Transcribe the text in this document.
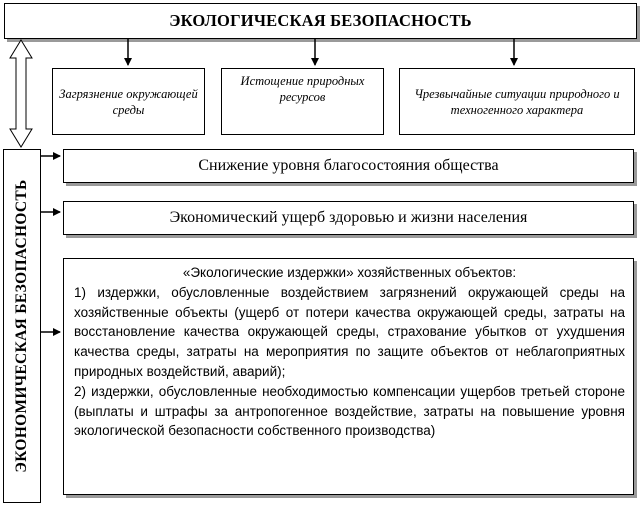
ЭКОЛОГИЧЕСКАЯ БЕЗОПАСНОСТЬ
Загрязнение окружающей среды
Истощение природных ресурсов	Чрезвычайные ситуации природного и техногенного характера
ЭКОНОМИЧЕСКАЯ БЕЗОПАСНОСТЬ
Снижение уровня благосостояния общества
Экономический ущерб здоровью и жизни населения
«Экологические издержки» хозяйственных объектов:
1) издержки, обусловленные воздействием загрязнений окружающей среды на хозяйственные объекты (ущерб от потери качества окружающей среды, затраты на восстановление качества окружающей среды, страхование убытков от ухудшения качества среды, затраты на мероприятия по защите объектов от неблагоприятных природных воздействий, аварий);
2) издержки, обусловленные необходимостью компенсации ущербов третьей стороне (выплаты и штрафы за антропогенное воздействие, затраты на повышение уровня экологической безопасности собственного производства)
